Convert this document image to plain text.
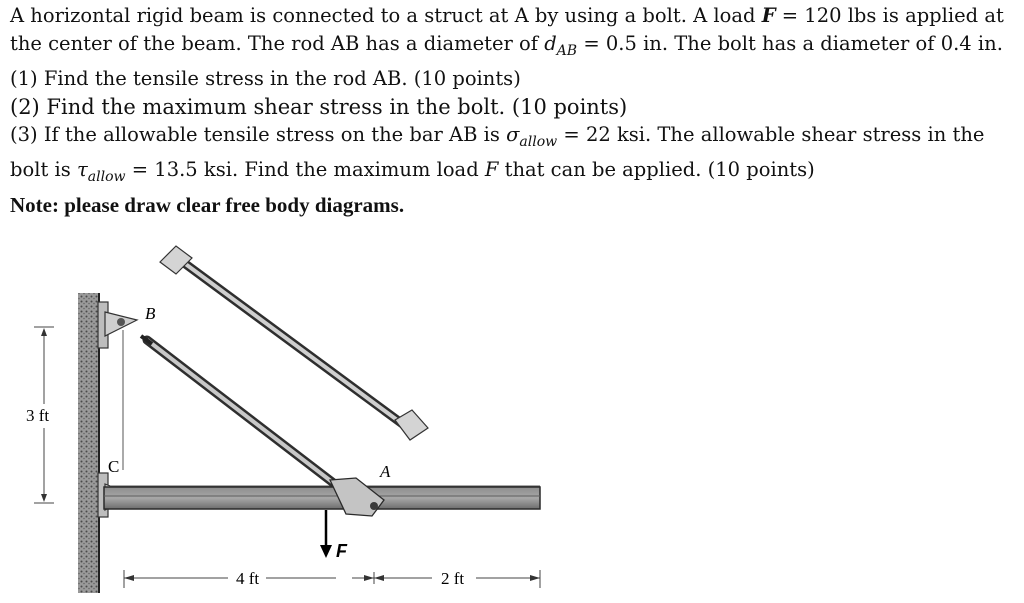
A horizontal rigid beam is connected to a struct at A by using a bolt. A load F = 120 lbs is applied at
the center of the beam. The rod AB has a diameter of $d_{AB} = 0.5$ in. The bolt has a diameter of 0.4 in.
(1) Find the tensile stress in the rod AB. (10 points)
(2) Find the maximum shear stress in the bolt. (10 points)
(3) If the allowable tensile stress on the bar AB is $\sigma_{allow} = 22$ ksi. The allowable shear stress in the
bolt is $\tau_{allow} = 13.5$ ksi. Find the maximum load F that can be applied. (10 points)
Note: please draw clear free body diagrams.
F
B
A
C
3 ft
4 ft	2 ft
